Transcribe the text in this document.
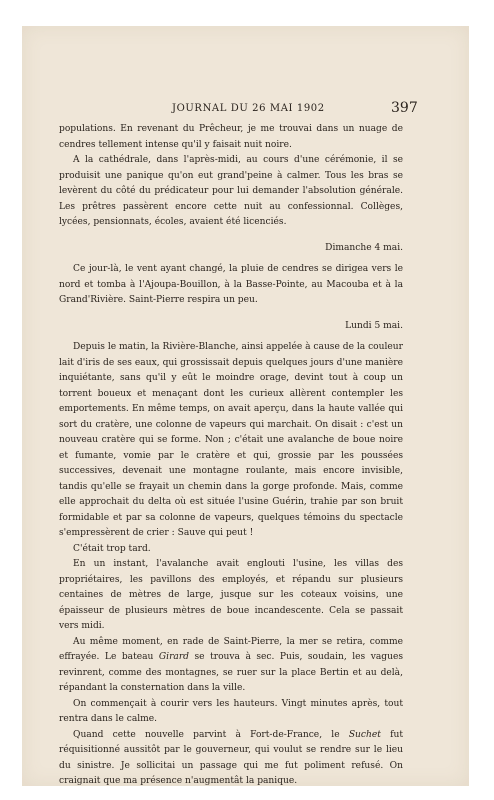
JOURNAL DU 26 MAI 1902	397

populations. En revenant du Prêcheur, je me trouvai dans un nuage de cendres tellement intense qu'il y faisait nuit noire.

A la cathédrale, dans l'après-midi, au cours d'une cérémonie, il se produisit une panique qu'on eut grand'peine à calmer. Tous les bras se levèrent du côté du prédicateur pour lui demander l'absolution générale. Les prêtres passèrent encore cette nuit au confessionnal. Collèges, lycées, pensionnats, écoles, avaient été licenciés.

Dimanche 4 mai.

Ce jour-là, le vent ayant changé, la pluie de cendres se dirigea vers le nord et tomba à l'Ajoupa-Bouillon, à la Basse-Pointe, au Macouba et à la Grand'Rivière. Saint-Pierre respira un peu.

Lundi 5 mai.

Depuis le matin, la Rivière-Blanche, ainsi appelée à cause de la couleur lait d'iris de ses eaux, qui grossissait depuis quelques jours d'une manière inquiétante, sans qu'il y eût le moindre orage, devint tout à coup un torrent boueux et menaçant dont les curieux allèrent contempler les emportements. En même temps, on avait aperçu, dans la haute vallée qui sort du cratère, une colonne de vapeurs qui marchait. On disait : c'est un nouveau cratère qui se forme. Non ; c'était une avalanche de boue noire et fumante, vomie par le cratère et qui, grossie par les poussées successives, devenait une montagne roulante, mais encore invisible, tandis qu'elle se frayait un chemin dans la gorge profonde. Mais, comme elle approchait du delta où est située l'usine Guérin, trahie par son bruit formidable et par sa colonne de vapeurs, quelques témoins du spectacle s'empressèrent de crier : Sauve qui peut !

C'était trop tard.

En un instant, l'avalanche avait englouti l'usine, les villas des propriétaires, les pavillons des employés, et répandu sur plusieurs centaines de mètres de large, jusque sur les coteaux voisins, une épaisseur de plusieurs mètres de boue incandescente. Cela se passait vers midi.

Au même moment, en rade de Saint-Pierre, la mer se retira, comme effrayée. Le bateau Girard se trouva à sec. Puis, soudain, les vagues revinrent, comme des montagnes, se ruer sur la place Bertin et au delà, répandant la consternation dans la ville.

On commençait à courir vers les hauteurs. Vingt minutes après, tout rentra dans le calme.

Quand cette nouvelle parvint à Fort-de-France, le Suchet fut réquisitionné aussitôt par le gouverneur, qui voulut se rendre sur le lieu du sinistre. Je sollicitai un passage qui me fut poliment refusé. On craignait que ma présence n'augmentât la panique.
